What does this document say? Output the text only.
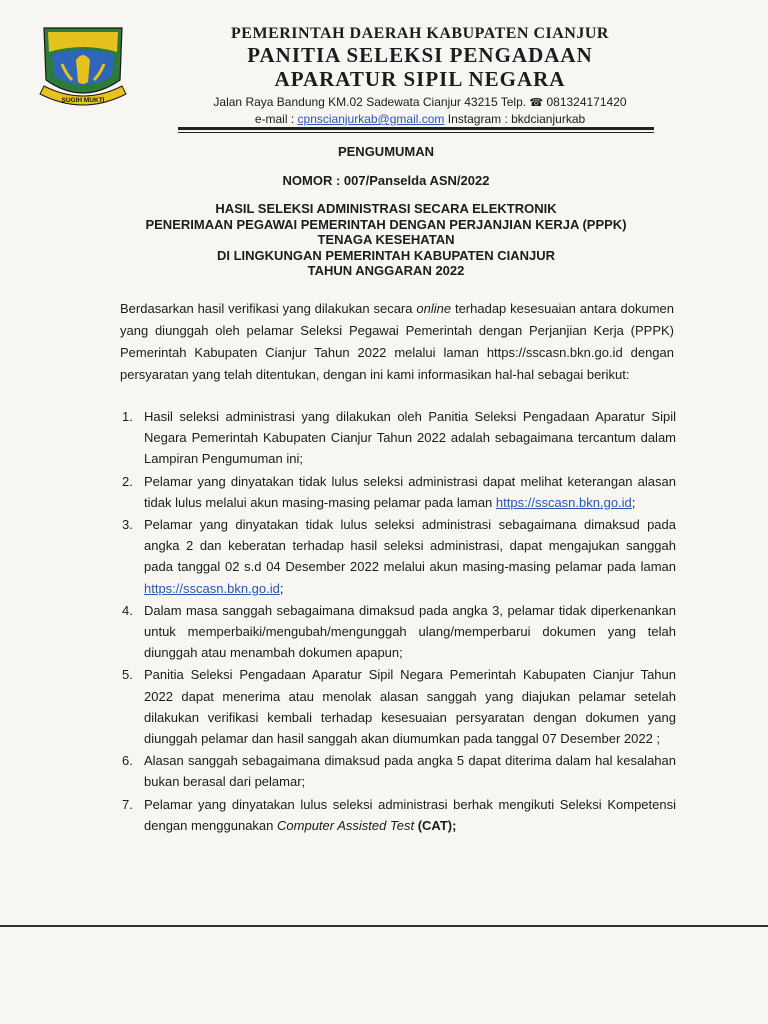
SUGIH MUKTI
PEMERINTAH DAERAH KABUPATEN CIANJUR
PANITIA SELEKSI PENGADAAN
APARATUR SIPIL NEGARA
Jalan Raya Bandung KM.02 Sadewata Cianjur 43215 Telp. ☎ 081324171420
e-mail : cpnscianjurkab@gmail.com Instagram : bkdcianjurkab
PENGUMUMAN
NOMOR : 007/Panselda ASN/2022
HASIL SELEKSI ADMINISTRASI SECARA ELEKTRONIK
PENERIMAAN PEGAWAI PEMERINTAH DENGAN PERJANJIAN KERJA (PPPK)
TENAGA KESEHATAN
DI LINGKUNGAN PEMERINTAH KABUPATEN CIANJUR
TAHUN ANGGARAN 2022
Berdasarkan hasil verifikasi yang dilakukan secara online terhadap kesesuaian antara dokumen yang diunggah oleh pelamar Seleksi Pegawai Pemerintah dengan Perjanjian Kerja (PPPK) Pemerintah Kabupaten Cianjur Tahun 2022 melalui laman https://sscasn.bkn.go.id dengan persyaratan yang telah ditentukan, dengan ini kami informasikan hal-hal sebagai berikut:
1. Hasil seleksi administrasi yang dilakukan oleh Panitia Seleksi Pengadaan Aparatur Sipil Negara Pemerintah Kabupaten Cianjur Tahun 2022 adalah sebagaimana tercantum dalam Lampiran Pengumuman ini;
2. Pelamar yang dinyatakan tidak lulus seleksi administrasi dapat melihat keterangan alasan tidak lulus melalui akun masing-masing pelamar pada laman https://sscasn.bkn.go.id;
3. Pelamar yang dinyatakan tidak lulus seleksi administrasi sebagaimana dimaksud pada angka 2 dan keberatan terhadap hasil seleksi administrasi, dapat mengajukan sanggah pada tanggal 02 s.d 04 Desember 2022 melalui akun masing-masing pelamar pada laman https://sscasn.bkn.go.id;
4. Dalam masa sanggah sebagaimana dimaksud pada angka 3, pelamar tidak diperkenankan untuk memperbaiki/mengubah/mengunggah ulang/memperbarui dokumen yang telah diunggah atau menambah dokumen apapun;
5. Panitia Seleksi Pengadaan Aparatur Sipil Negara Pemerintah Kabupaten Cianjur Tahun 2022 dapat menerima atau menolak alasan sanggah yang diajukan pelamar setelah dilakukan verifikasi kembali terhadap kesesuaian persyaratan dengan dokumen yang diunggah pelamar dan hasil sanggah akan diumumkan pada tanggal 07 Desember 2022 ;
6. Alasan sanggah sebagaimana dimaksud pada angka 5 dapat diterima dalam hal kesalahan bukan berasal dari pelamar;
7. Pelamar yang dinyatakan lulus seleksi administrasi berhak mengikuti Seleksi Kompetensi dengan menggunakan Computer Assisted Test (CAT);
